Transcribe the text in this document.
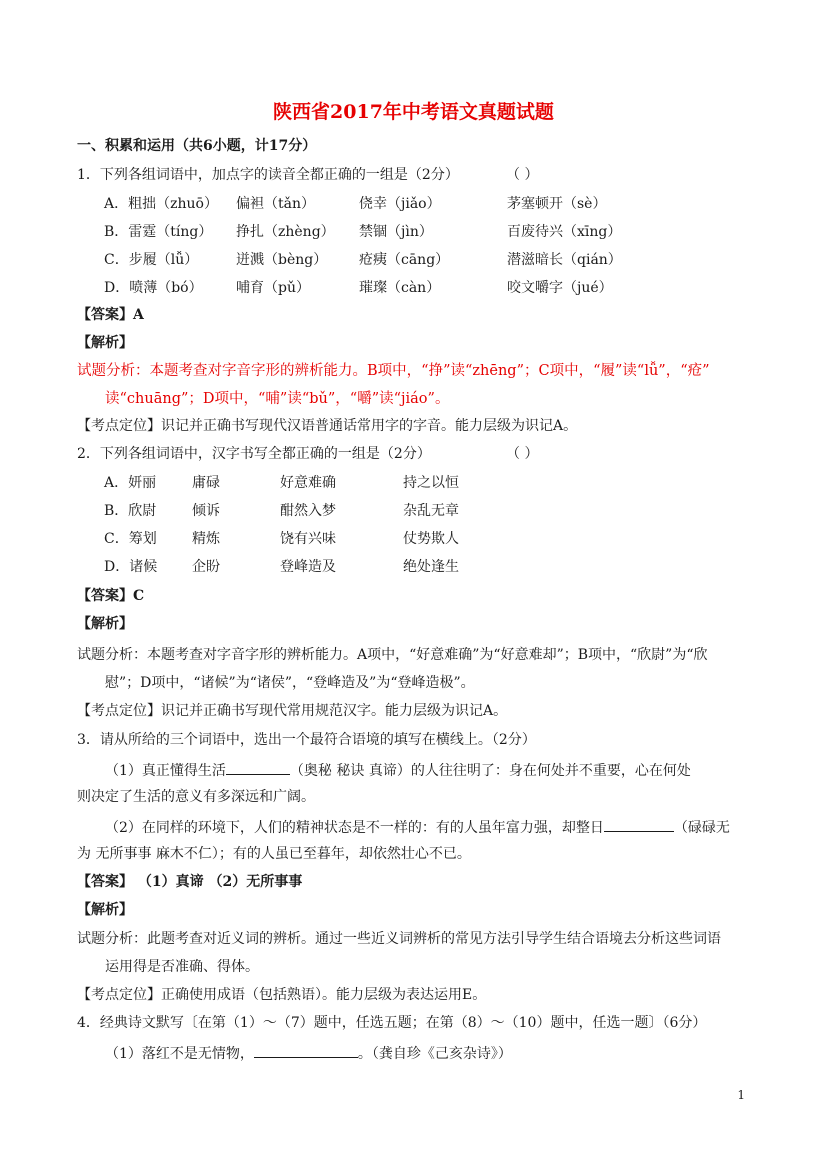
陕西省2017年中考语文真题试题
一、积累和运用（共6小题，计17分）
1．下列各组词语中，加点字的读音全都正确的一组是（2分）	（ ）
A．粗拙（zhuō） 偏袒（tǎn）	侥幸（jiǎo）	茅塞顿开（sè）
B．雷霆（tíng） 挣扎（zhèng） 禁锢（jìn）	百废待兴（xīng）
C．步履（lǚ）	迸溅（bèng） 疮痍（cāng）	潜滋暗长（qián）
D．喷薄（bó） 哺育（pǔ）	璀璨（càn）	咬文嚼字（jué）
【答案】A
【解析】
试题分析：本题考查对字音字形的辨析能力。B项中，“挣”读“zhēng”；C项中，“履”读“lǚ”，“疮”
读“chuāng”；D项中，“哺”读“bǔ”，“嚼”读“jiáo”。
【考点定位】识记并正确书写现代汉语普通话常用字的字音。能力层级为识记A。
2．下列各组词语中，汉字书写全都正确的一组是（2分）	（ ）
A．妍丽	庸碌	好意难确	持之以恒
B．欣尉	倾诉	酣然入梦	杂乱无章
C．筹划	精炼	饶有兴味	仗势欺人
D．诸候 企盼	登峰造及	绝处逢生
【答案】C
【解析】
试题分析：本题考查对字音字形的辨析能力。A项中，“好意难确”为“好意难却”；B项中，“欣尉”为“欣
慰”；D项中，“诸候”为“诸侯”，“登峰造及”为“登峰造极”。
【考点定位】识记并正确书写现代常用规范汉字。能力层级为识记A。
3．请从所给的三个词语中，选出一个最符合语境的填写在横线上。（2分）
（1）真正懂得生活	（奥秘 秘诀 真谛）的人往往明了：身在何处并不重要，心在何处
则决定了生活的意义有多深远和广阔。
（2）在同样的环境下，人们的精神状态是不一样的：有的人虽年富力强，却整日	（碌碌无
为 无所事事 麻木不仁）；有的人虽已至暮年，却依然壮心不已。
【答案】 （1）真谛 （2）无所事事
【解析】
试题分析：此题考查对近义词的辨析。通过一些近义词辨析的常见方法引导学生结合语境去分析这些词语
运用得是否准确、得体。
【考点定位】正确使用成语（包括熟语）。能力层级为表达运用E。
4．经典诗文默写〔在第（1）～（7）题中，任选五题；在第（8）～（10）题中，任选一题〕（6分）
（1）落红不是无情物，	。（龚自珍《己亥杂诗》）
1
